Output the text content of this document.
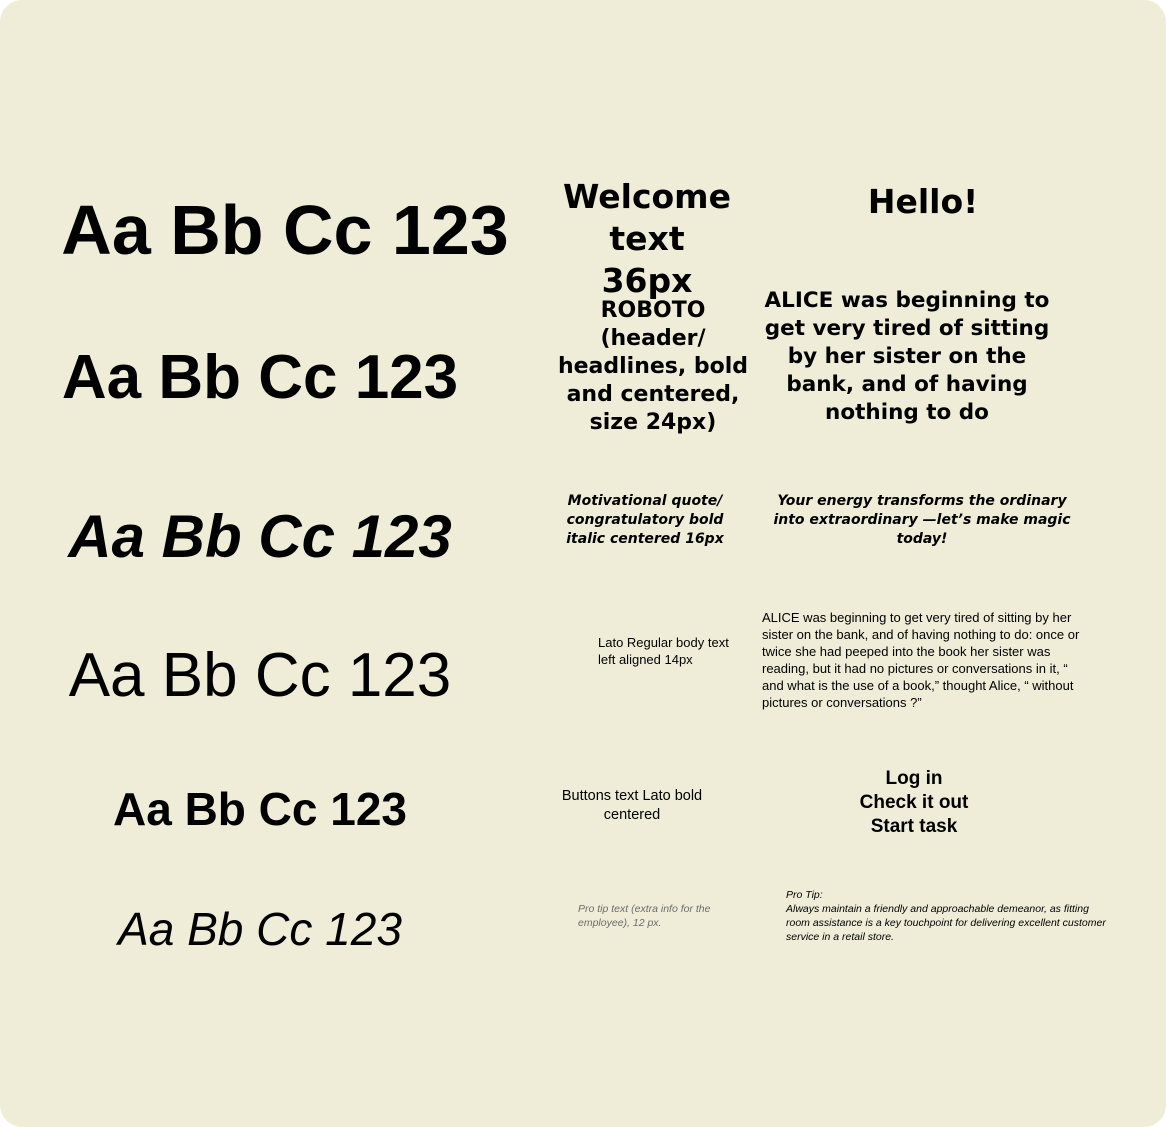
Aa Bb Cc 123
Aa Bb Cc 123
Aa Bb Cc 123
Aa Bb Cc 123
Aa Bb Cc 123
Aa Bb Cc 123
Welcome text 36px
ROBOTO (header/ headlines, bold and centered, size 24px)
Motivational quote/ congratulatory bold italic centered 16px
Lato Regular body text left aligned 14px
Buttons text Lato bold centered
Pro tip text (extra info for the employee), 12 px.
Hello!
ALICE was beginning to get very tired of sitting by her sister on the bank, and of having nothing to do
Your energy transforms the ordinary into extraordinary —let’s make magic today!
ALICE was beginning to get very tired of sitting by her sister on the bank, and of having nothing to do: once or twice she had peeped into the book her sister was reading, but it had no pictures or conversations in it, “ and what is the use of a book,” thought Alice, “ without pictures or conversations ?”
Log in
Check it out
Start task
Pro Tip:
Always maintain a friendly and approachable demeanor, as fitting room assistance is a key touchpoint for delivering excellent customer service in a retail store.
